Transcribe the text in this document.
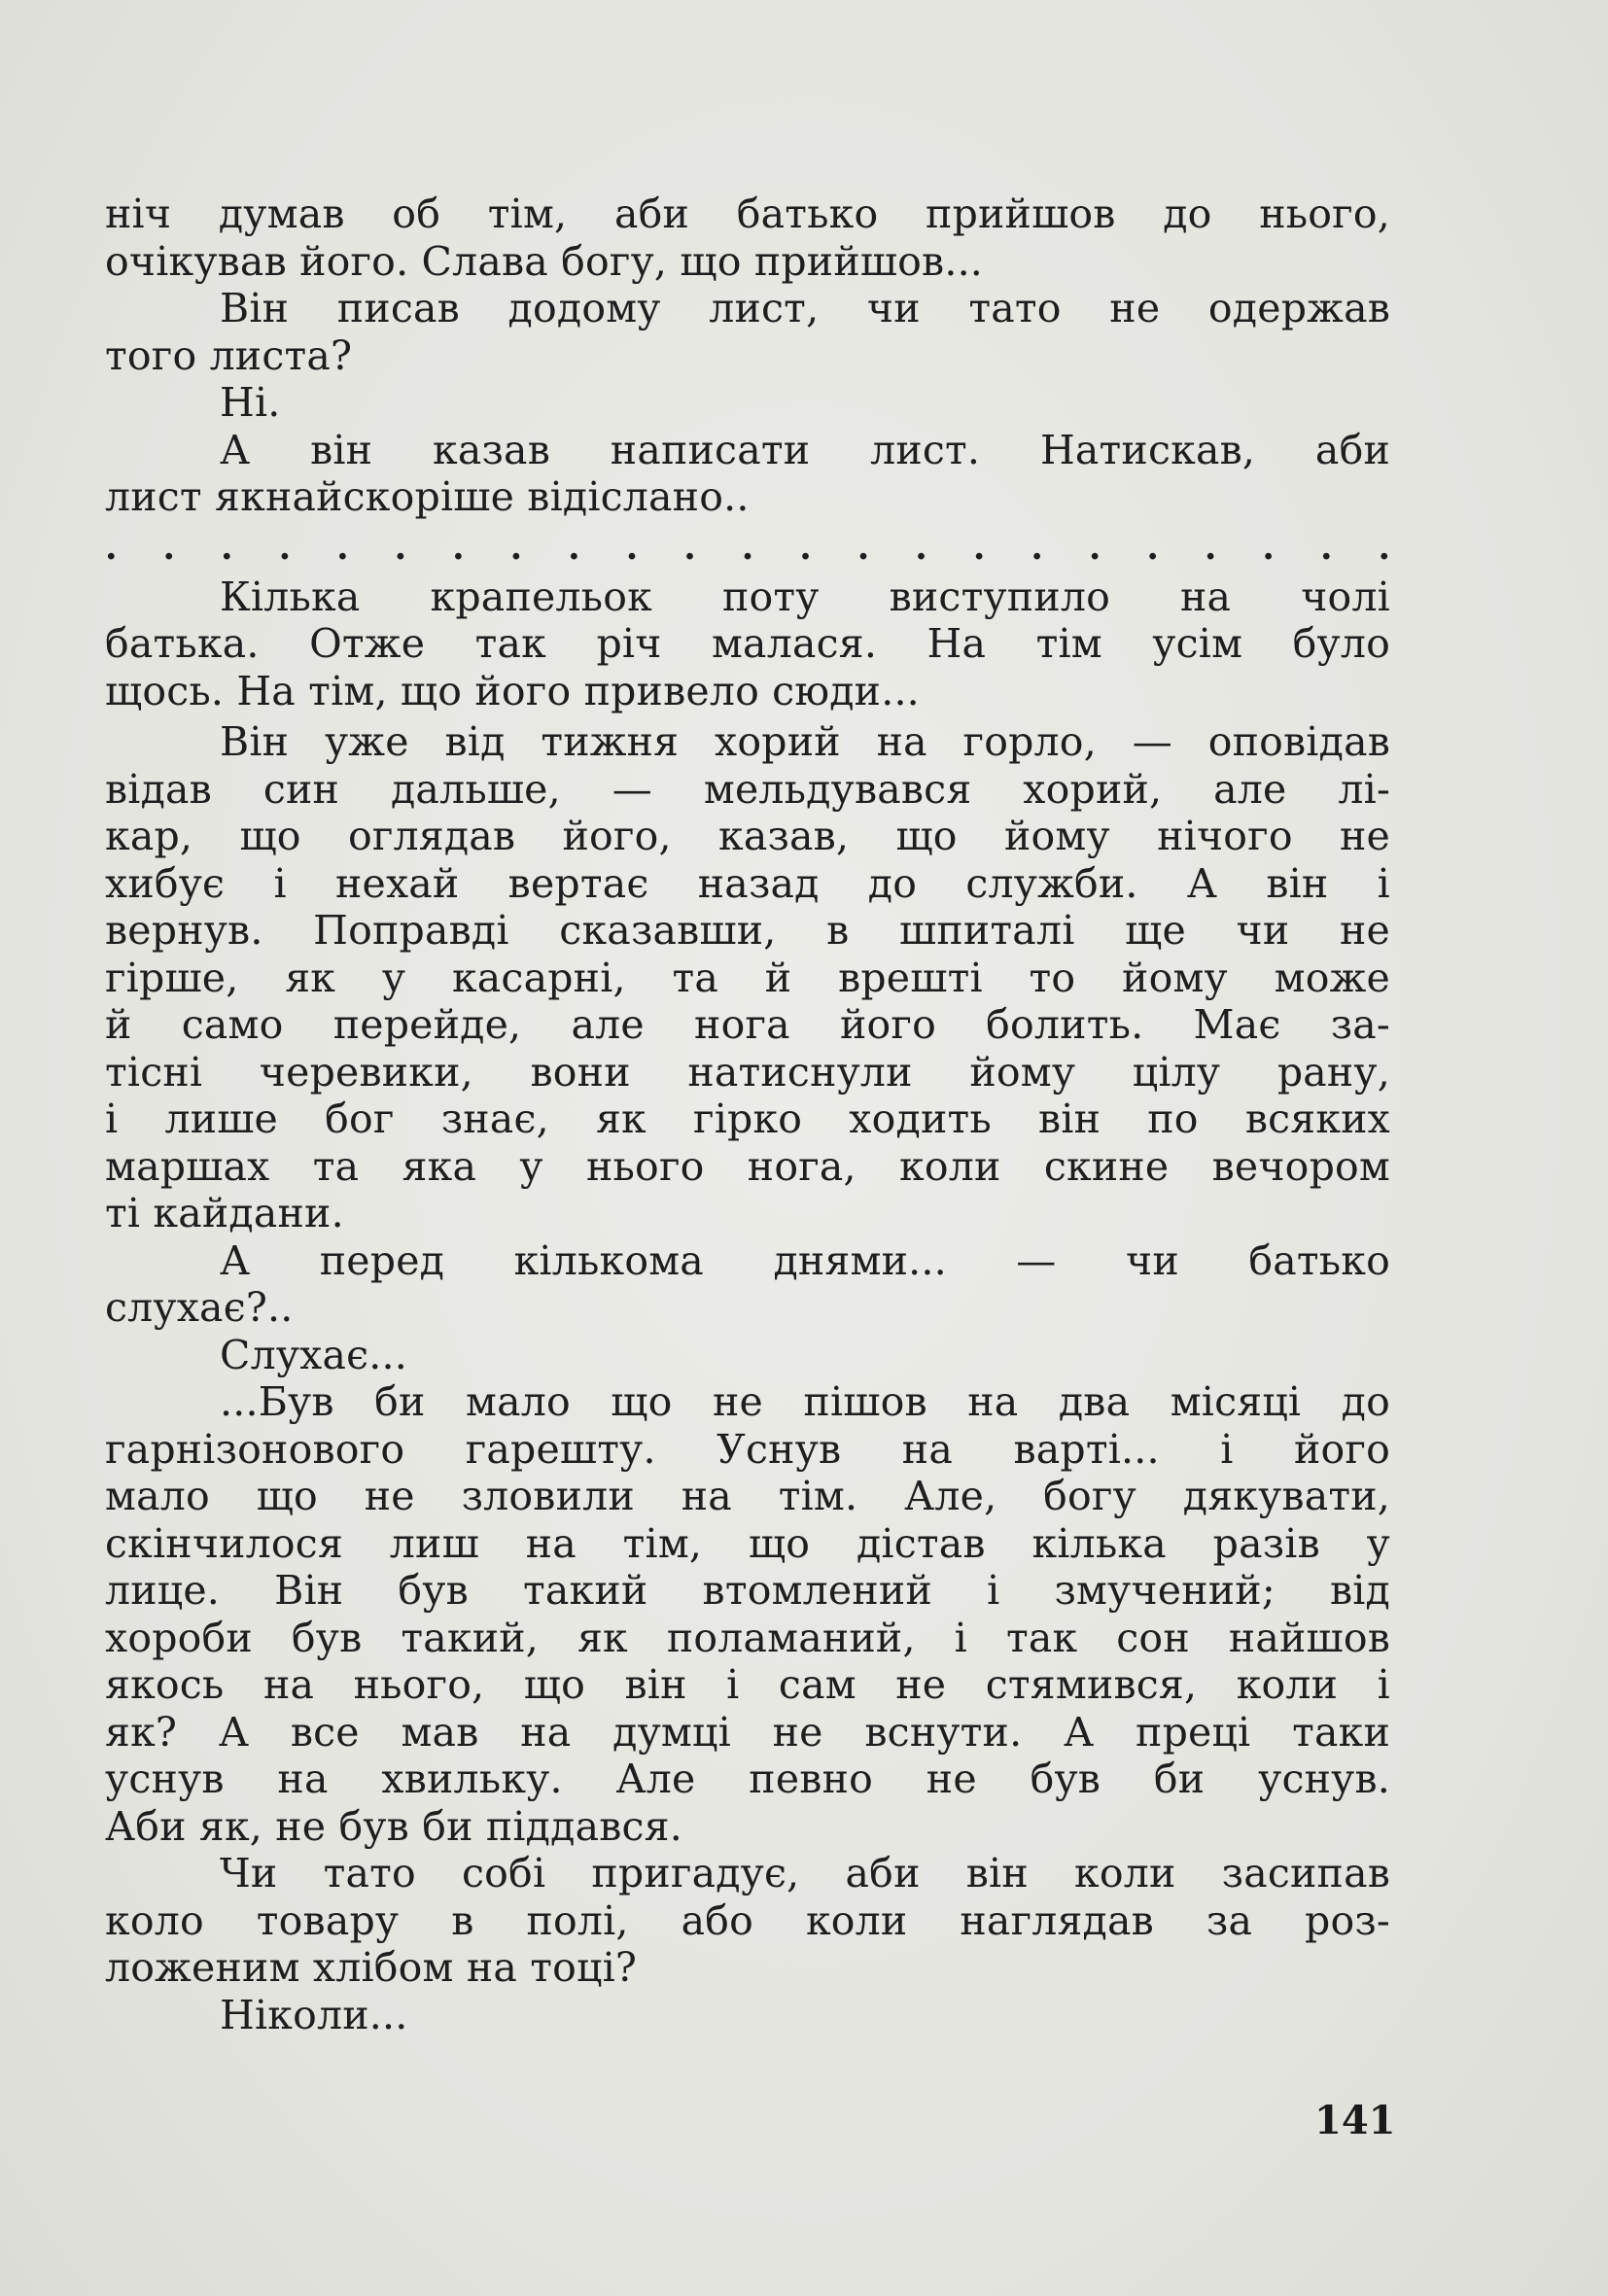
ніч думав об тім, аби батько прийшов до нього,
очікував його. Слава богу, що прийшов...
Він писав додому лист, чи тато не одержав
того листа?
Ні.
А він казав написати лист. Натискав, аби
лист якнайскоріше відіслано..
. . . . . . . . . . . . . . . . . . . . . . .
Кілька крапельок поту виступило на чолі
батька. Отже так річ малася. На тім усім було
щось. На тім, що його привело сюди...
Він уже від тижня хорий на горло, — оповідав
відав син дальше, — мельдувався хорий, але лі-
кар, що оглядав його, казав, що йому нічого не
хибує і нехай вертає назад до служби. А він і
вернув. Поправді сказавши, в шпиталі ще чи не
гірше, як у касарні, та й врешті то йому може
й само перейде, але нога його болить. Має за-
тісні черевики, вони натиснули йому цілу рану,
і лише бог знає, як гірко ходить він по всяких
маршах та яка у нього нога, коли скине вечором
ті кайдани.
А перед кількома днями... — чи батько
слухає?..
Слухає...
...Був би мало що не пішов на два місяці до
гарнізонового гарешту. Уснув на варті... і його
мало що не зловили на тім. Але, богу дякувати,
скінчилося лиш на тім, що дістав кілька разів у
лице. Він був такий втомлений і змучений; від
хороби був такий, як поламаний, і так сон найшов
якось на нього, що він і сам не стямився, коли і
як? А все мав на думці не вснути. А преці таки
уснув на хвильку. Але певно не був би уснув.
Аби як, не був би піддався.
Чи тато собі пригадує, аби він коли засипав
коло товару в полі, або коли наглядав за роз-
ложеним хлібом на тоці?
Ніколи...
141
